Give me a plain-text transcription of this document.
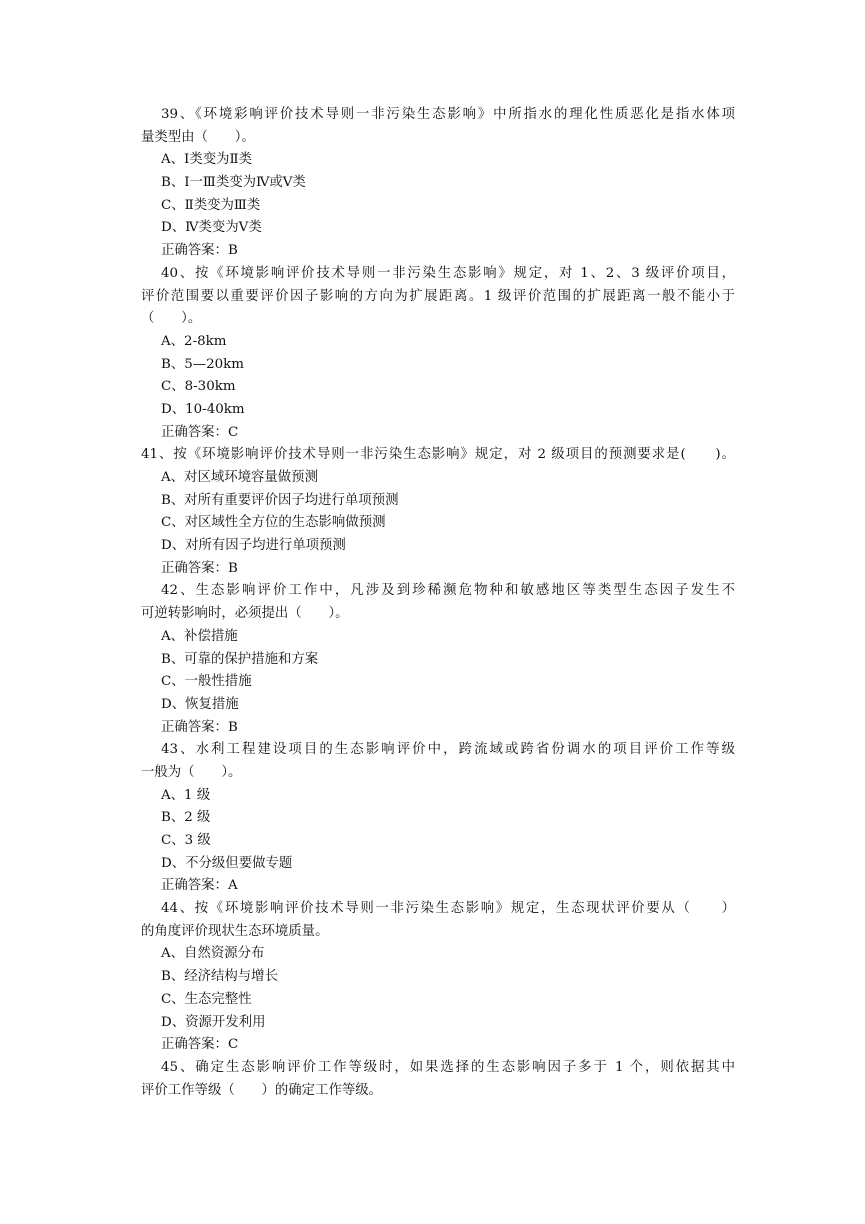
39、《环境彩响评价技术导则一非污染生态影响》中所指水的理化性质恶化是指水体项
量类型由（　　）。
A、Ⅰ类变为Ⅱ类
B、Ⅰ一Ⅲ类变为Ⅳ或Ⅴ类
C、Ⅱ类变为Ⅲ类
D、Ⅳ类变为Ⅴ类
正确答案：B
40、按《环境影响评价技术导则一非污染生态影响》规定，对 1、2、3 级评价项目，
评价范围要以重要评价因子影响的方向为扩展距离。1 级评价范围的扩展距离一般不能小于
（　　）。
A、2-8km
B、5—20km
C、8-30km
D、10-40km
正确答案：C
41、按《环境影响评价技术导则一非污染生态影响》规定，对 2 级项目的预测要求是(　　)。
A、对区域环境容量做预测
B、对所有重要评价因子均进行单项预测
C、对区域性全方位的生态影响做预测
D、对所有因子均进行单项预测
正确答案：B
42、生态影响评价工作中，凡涉及到珍稀濒危物种和敏感地区等类型生态因子发生不
可逆转影响时，必须提出（　　）。
A、补偿措施
B、可靠的保护措施和方案
C、一般性措施
D、恢复措施
正确答案：B
43、水利工程建设项目的生态影响评价中，跨流域或跨省份调水的项目评价工作等级
一般为（　　）。
A、1 级
B、2 级
C、3 级
D、不分级但要做专题
正确答案：A
44、按《环境影响评价技术导则一非污染生态影响》规定，生态现状评价要从（　　）
的角度评价现状生态环境质量。
A、自然资源分布
B、经济结构与增长
C、生态完整性
D、资源开发利用
正确答案：C
45、确定生态影响评价工作等级时，如果选择的生态影响因子多于 1 个，则依据其中
评价工作等级（　　）的确定工作等级。
